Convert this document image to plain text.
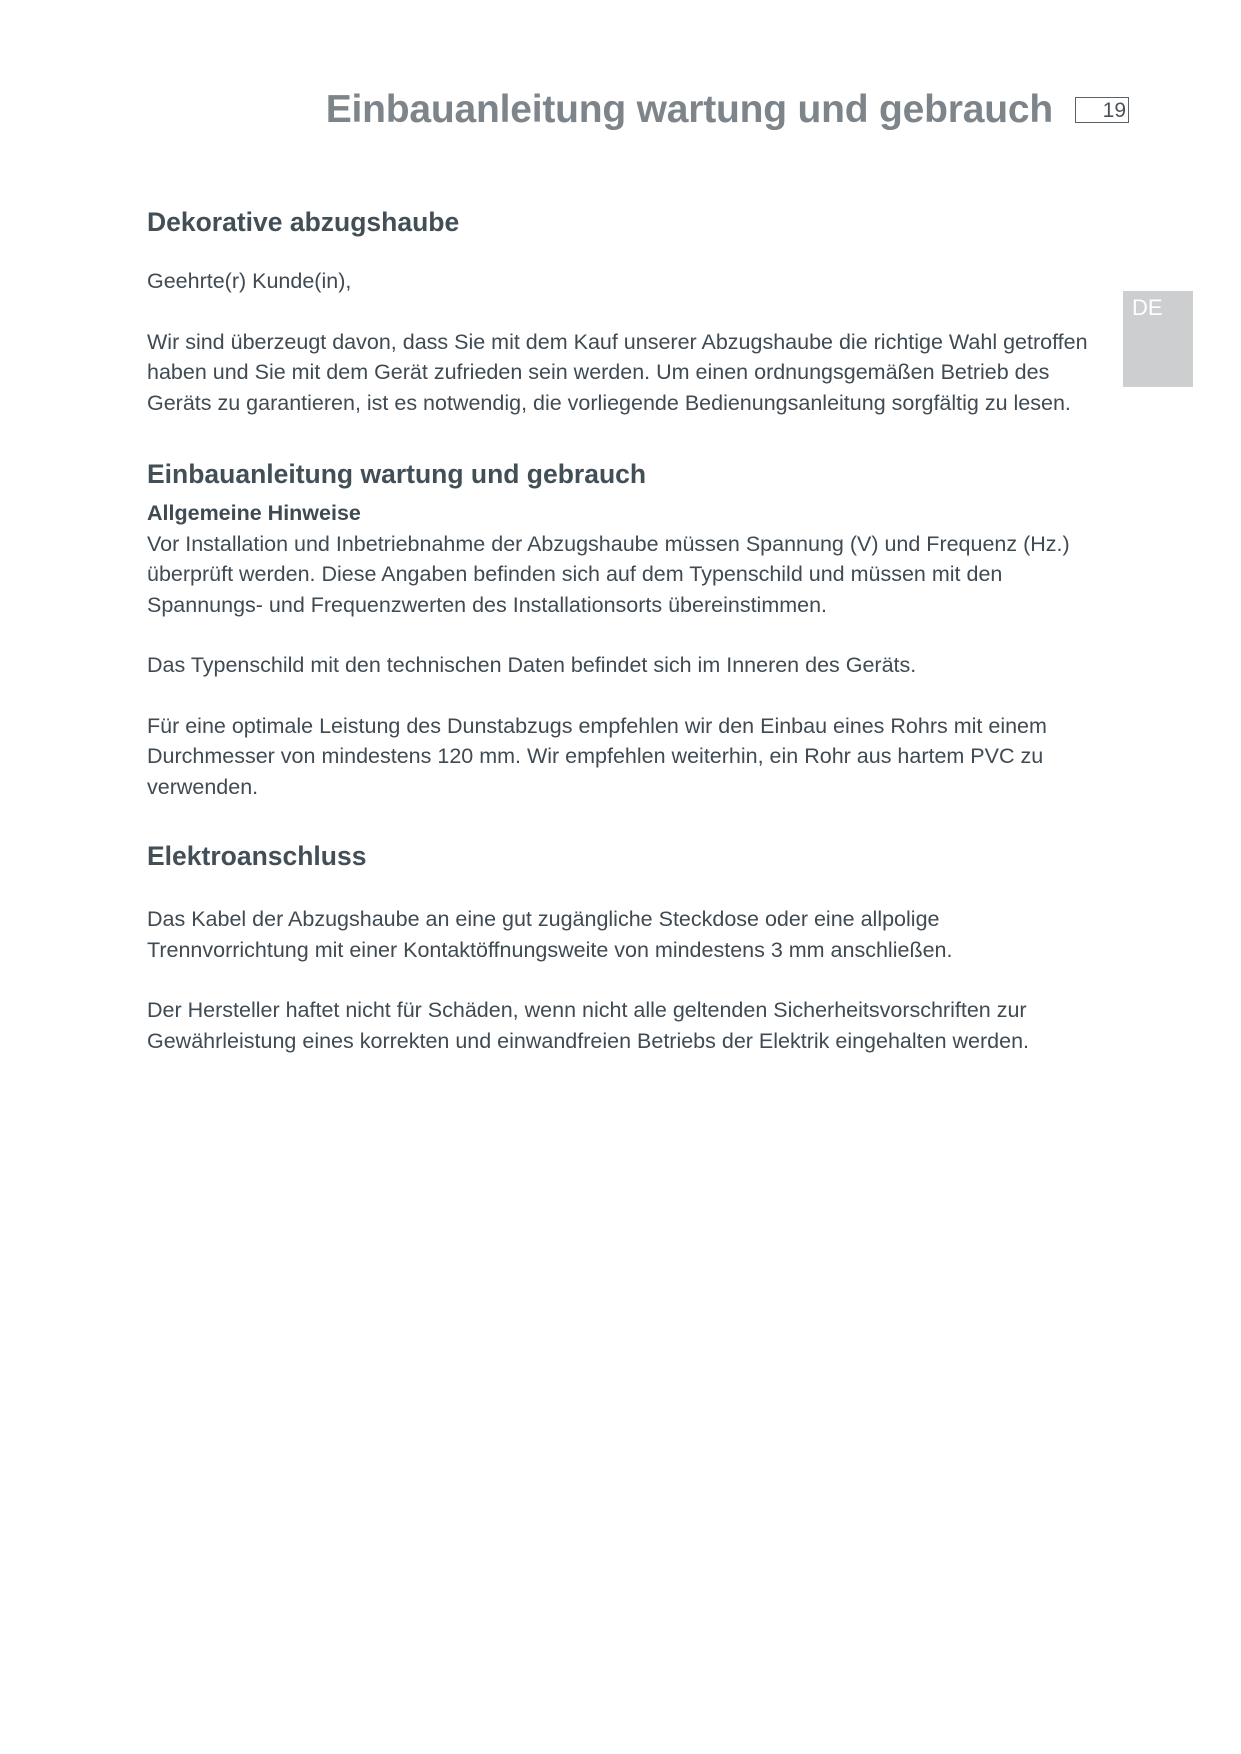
Einbauanleitung wartung und gebrauch	19
DE
Dekorative abzugshaube

Geehrte(r) Kunde(in),

Wir sind überzeugt davon, dass Sie mit dem Kauf unserer Abzugshaube die richtige Wahl getroffen haben und Sie mit dem Gerät zufrieden sein werden. Um einen ordnungsgemäßen Betrieb des Geräts zu garantieren, ist es notwendig, die vorliegende Bedienungsanleitung sorgfältig zu lesen.

Einbauanleitung wartung und gebrauch

Allgemeine Hinweise

Vor Installation und Inbetriebnahme der Abzugshaube müssen Spannung (V) und Frequenz (Hz.) überprüft werden. Diese Angaben befinden sich auf dem Typenschild und müssen mit den Spannungs- und Frequenzwerten des Installationsorts übereinstimmen.

Das Typenschild mit den technischen Daten befindet sich im Inneren des Geräts.

Für eine optimale Leistung des Dunstabzugs empfehlen wir den Einbau eines Rohrs mit einem Durchmesser von mindestens 120 mm. Wir empfehlen weiterhin, ein Rohr aus hartem PVC zu verwenden.

Elektroanschluss

Das Kabel der Abzugshaube an eine gut zugängliche Steckdose oder eine allpolige Trennvorrichtung mit einer Kontaktöffnungsweite von mindestens 3 mm anschließen.

Der Hersteller haftet nicht für Schäden, wenn nicht alle geltenden Sicherheitsvorschriften zur Gewährleistung eines korrekten und einwandfreien Betriebs der Elektrik eingehalten werden.
